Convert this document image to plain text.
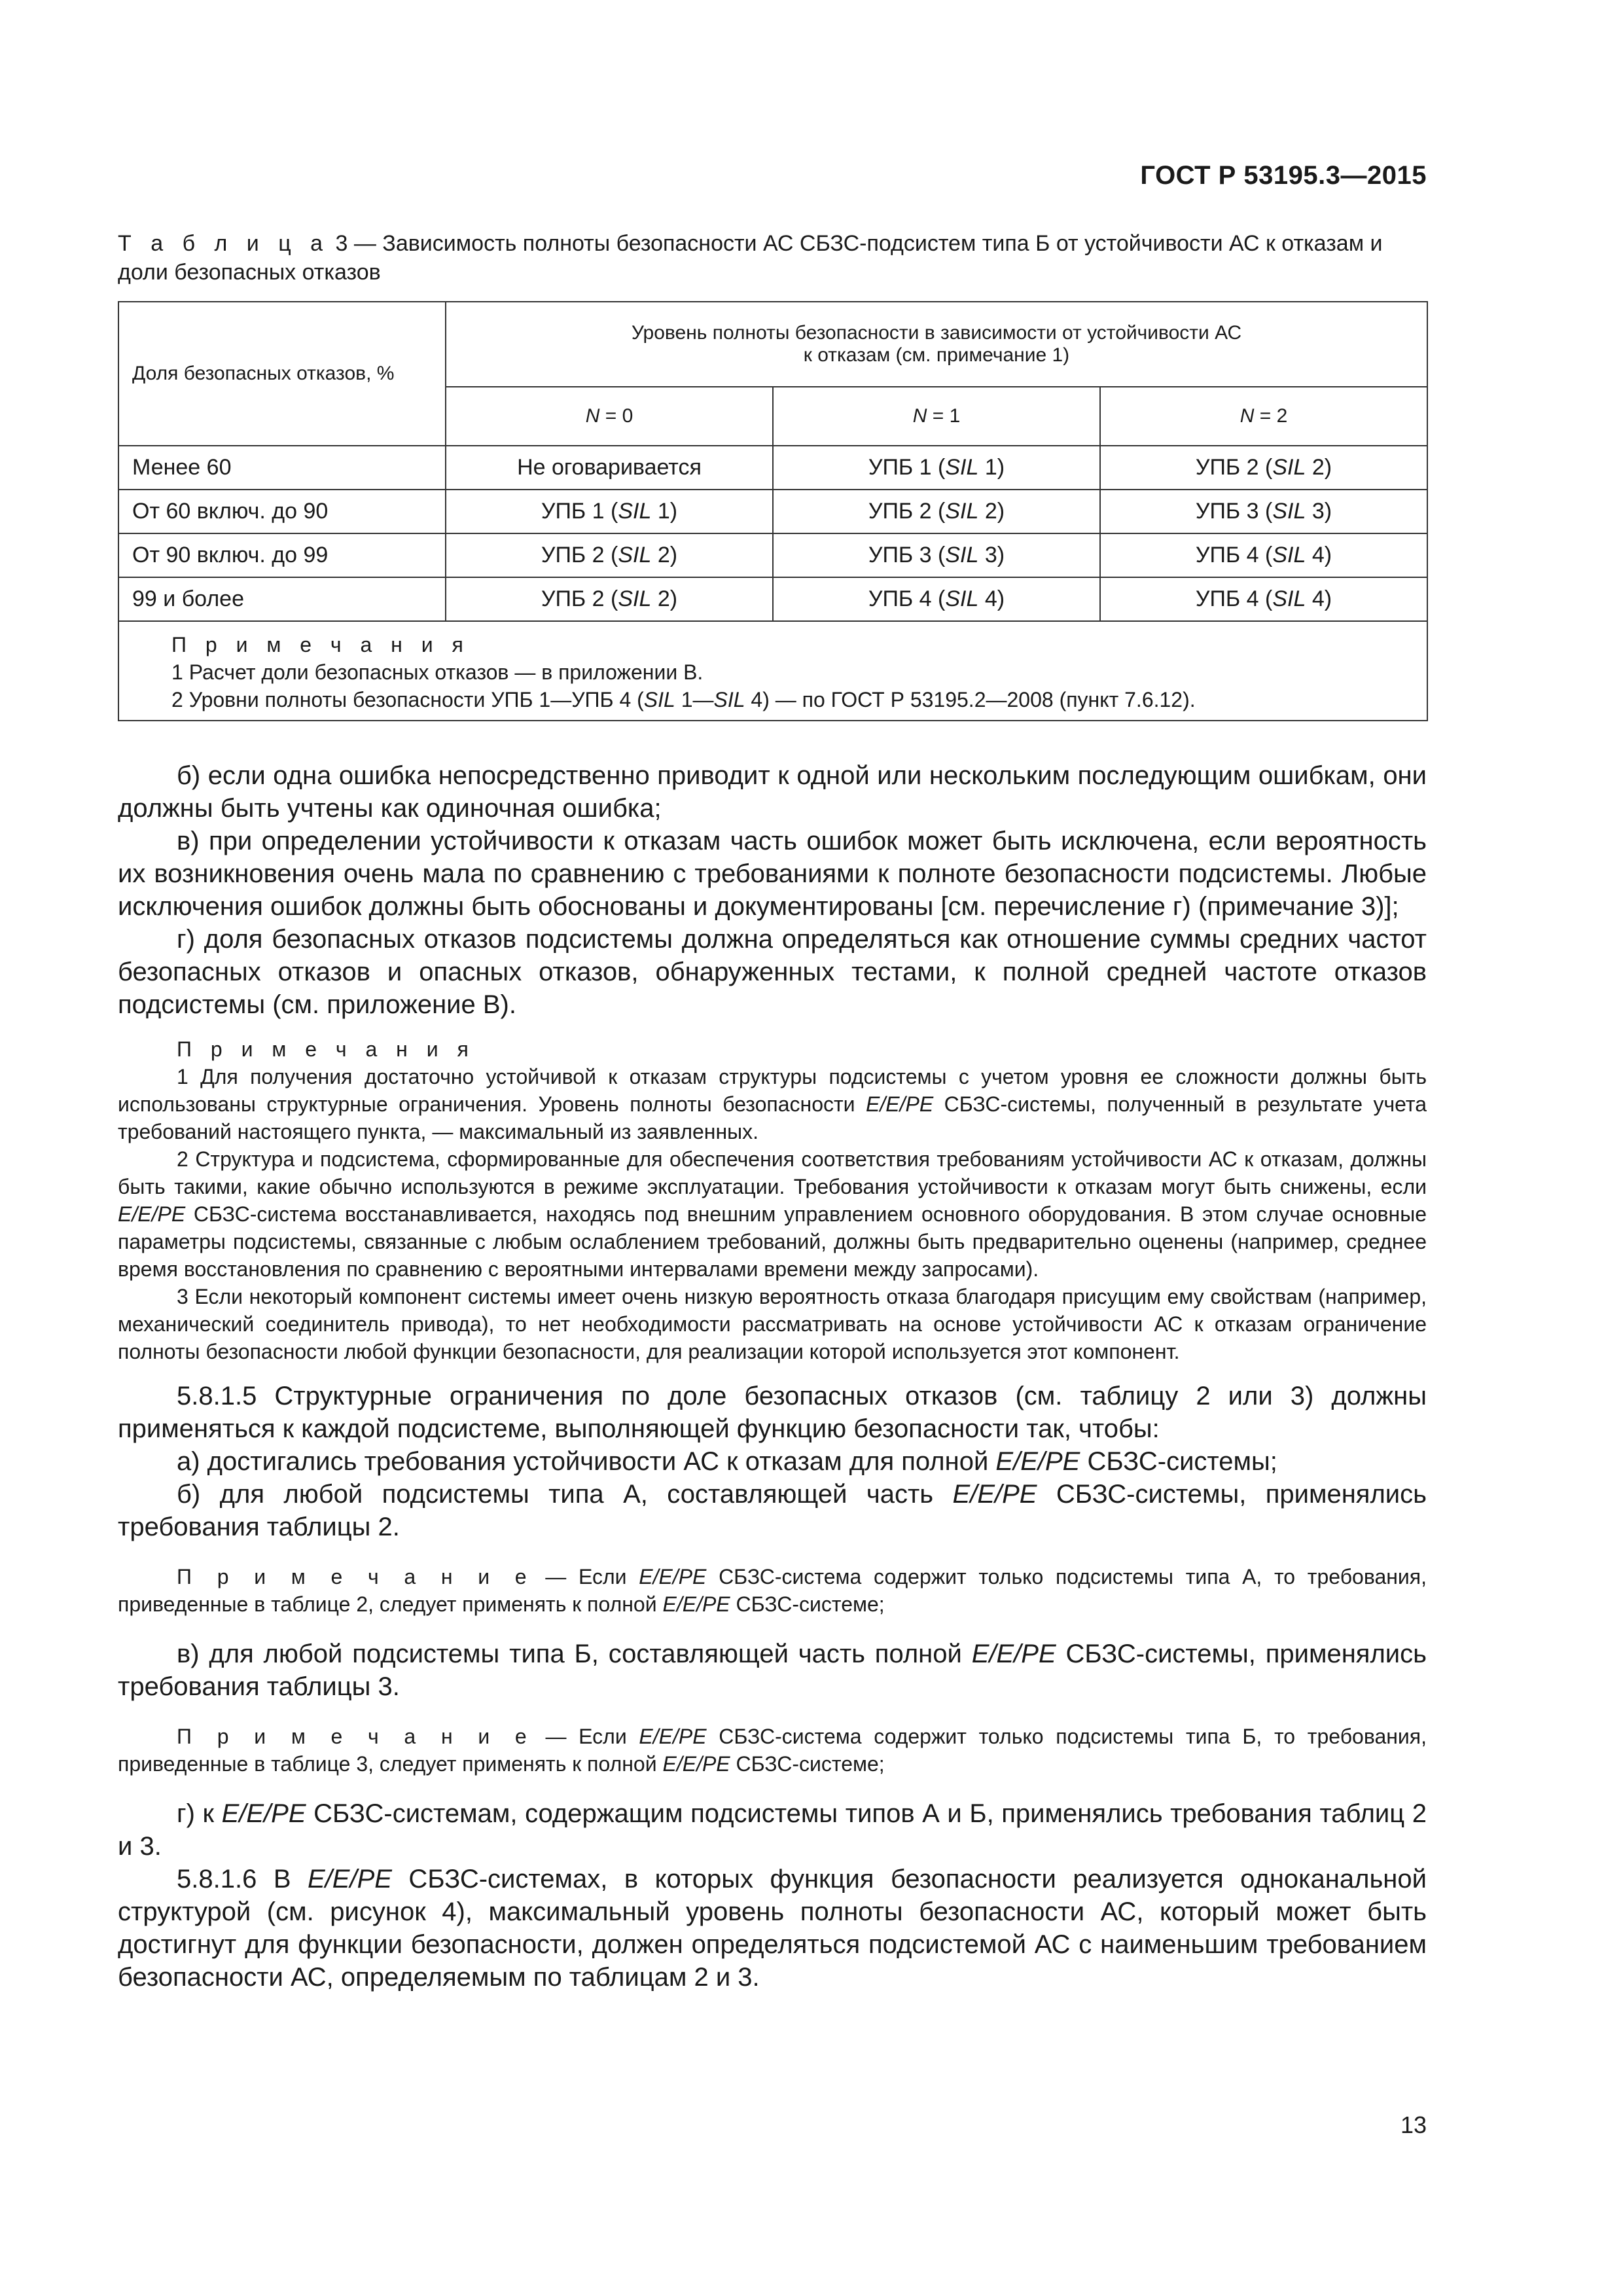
ГОСТ Р 53195.3—2015
Т а б л и ц а 3 — Зависимость полноты безопасности АС СБЗС-подсистем типа Б от устойчивости АС к отказам и доли безопасных отказов
Доля безопасных отказов, %	Уровень полноты безопасности в зависимости от устойчивости АС
к отказам (см. примечание 1)		

	N = 0	N = 1	N = 2
Менее 60	Не оговаривается	УПБ 1 (SIL 1)	УПБ 2 (SIL 2)
От 60 включ. до 90	УПБ 1 (SIL 1)	УПБ 2 (SIL 2)	УПБ 3 (SIL 3)
От 90 включ. до 99	УПБ 2 (SIL 2)	УПБ 3 (SIL 3)	УПБ 4 (SIL 4)
99 и более	УПБ 2 (SIL 2)	УПБ 4 (SIL 4)	УПБ 4 (SIL 4)

П р и м е ч а н и я
1 Расчет доли безопасных отказов — в приложении В.
2 Уровни полноты безопасности УПБ 1—УПБ 4 (SIL 1—SIL 4) — по ГОСТ Р 53195.2—2008 (пункт 7.6.12).			

б) если одна ошибка непосредственно приводит к одной или нескольким последующим ошибкам, они должны быть учтены как одиночная ошибка;

в) при определении устойчивости к отказам часть ошибок может быть исключена, если вероятность их возникновения очень мала по сравнению с требованиями к полноте безопасности подсистемы. Любые исключения ошибок должны быть обоснованы и документированы [см. перечисление г) (примечание 3)];

г) доля безопасных отказов подсистемы должна определяться как отношение суммы средних частот безопасных отказов и опасных отказов, обнаруженных тестами, к полной средней частоте отказов подсистемы (см. приложение В).

П р и м е ч а н и я

1 Для получения достаточно устойчивой к отказам структуры подсистемы с учетом уровня ее сложности должны быть использованы структурные ограничения. Уровень полноты безопасности E/E/PE СБЗС-системы, полученный в результате учета требований настоящего пункта, — максимальный из заявленных.

2 Структура и подсистема, сформированные для обеспечения соответствия требованиям устойчивости АС к отказам, должны быть такими, какие обычно используются в режиме эксплуатации. Требования устойчивости к отказам могут быть снижены, если E/E/PE СБЗС-система восстанавливается, находясь под внешним управлением основного оборудования. В этом случае основные параметры подсистемы, связанные с любым ослаблением требований, должны быть предварительно оценены (например, среднее время восстановления по сравнению с вероятными интервалами времени между запросами).

3 Если некоторый компонент системы имеет очень низкую вероятность отказа благодаря присущим ему свойствам (например, механический соединитель привода), то нет необходимости рассматривать на основе устойчивости АС к отказам ограничение полноты безопасности любой функции безопасности, для реализации которой используется этот компонент.

5.8.1.5 Структурные ограничения по доле безопасных отказов (см. таблицу 2 или 3) должны применяться к каждой подсистеме, выполняющей функцию безопасности так, чтобы:

а) достигались требования устойчивости АС к отказам для полной E/E/PE СБЗС-системы;

б) для любой подсистемы типа А, составляющей часть E/E/PE СБЗС-системы, применялись требования таблицы 2.

П р и м е ч а н и е — Если E/E/PE СБЗС-система содержит только подсистемы типа А, то требования, приведенные в таблице 2, следует применять к полной E/E/PE СБЗС-системе;

в) для любой подсистемы типа Б, составляющей часть полной E/E/PE СБЗС-системы, применялись требования таблицы 3.

П р и м е ч а н и е — Если E/E/PE СБЗС-система содержит только подсистемы типа Б, то требования, приведенные в таблице 3, следует применять к полной E/E/PE СБЗС-системе;

г) к E/E/PE СБЗС-системам, содержащим подсистемы типов А и Б, применялись требования таблиц 2 и 3.

5.8.1.6 В E/E/PE СБЗС-системах, в которых функция безопасности реализуется одноканальной структурой (см. рисунок 4), максимальный уровень полноты безопасности АС, который может быть достигнут для функции безопасности, должен определяться подсистемой АС с наименьшим требованием безопасности АС, определяемым по таблицам 2 и 3.

13
